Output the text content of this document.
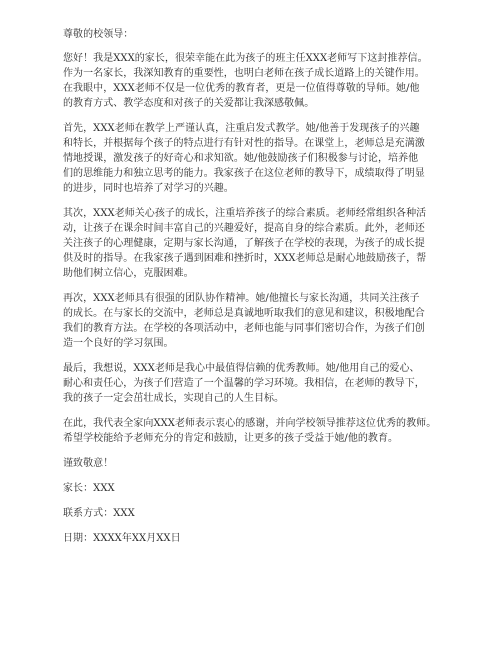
尊敬的校领导：
您好！我是XXX的家长，很荣幸能在此为孩子的班主任XXX老师写下这封推荐信。
作为一名家长，我深知教育的重要性，也明白老师在孩子成长道路上的关键作用。
在我眼中，XXX老师不仅是一位优秀的教育者，更是一位值得尊敬的导师。她/他
的教育方式、教学态度和对孩子的关爱都让我深感敬佩。
首先，XXX老师在教学上严谨认真，注重启发式教学。她/他善于发现孩子的兴趣
和特长，并根据每个孩子的特点进行有针对性的指导。在课堂上，老师总是充满激
情地授课，激发孩子的好奇心和求知欲。她/他鼓励孩子们积极参与讨论，培养他
们的思维能力和独立思考的能力。我家孩子在这位老师的教导下，成绩取得了明显
的进步，同时也培养了对学习的兴趣。
其次，XXX老师关心孩子的成长，注重培养孩子的综合素质。老师经常组织各种活
动，让孩子在课余时间丰富自己的兴趣爱好，提高自身的综合素质。此外，老师还
关注孩子的心理健康，定期与家长沟通，了解孩子在学校的表现，为孩子的成长提
供及时的指导。在我家孩子遇到困难和挫折时，XXX老师总是耐心地鼓励孩子，帮
助他们树立信心，克服困难。
再次，XXX老师具有很强的团队协作精神。她/他擅长与家长沟通，共同关注孩子
的成长。在与家长的交流中，老师总是真诚地听取我们的意见和建议，积极地配合
我们的教育方法。在学校的各项活动中，老师也能与同事们密切合作，为孩子们创
造一个良好的学习氛围。
最后，我想说，XXX老师是我心中最值得信赖的优秀教师。她/他用自己的爱心、
耐心和责任心，为孩子们营造了一个温馨的学习环境。我相信，在老师的教导下，
我的孩子一定会茁壮成长，实现自己的人生目标。
在此，我代表全家向XXX老师表示衷心的感谢，并向学校领导推荐这位优秀的教师。
希望学校能给予老师充分的肯定和鼓励，让更多的孩子受益于她/他的教育。
谨致敬意！
家长：XXX
联系方式：XXX
日期：XXXX年XX月XX日
